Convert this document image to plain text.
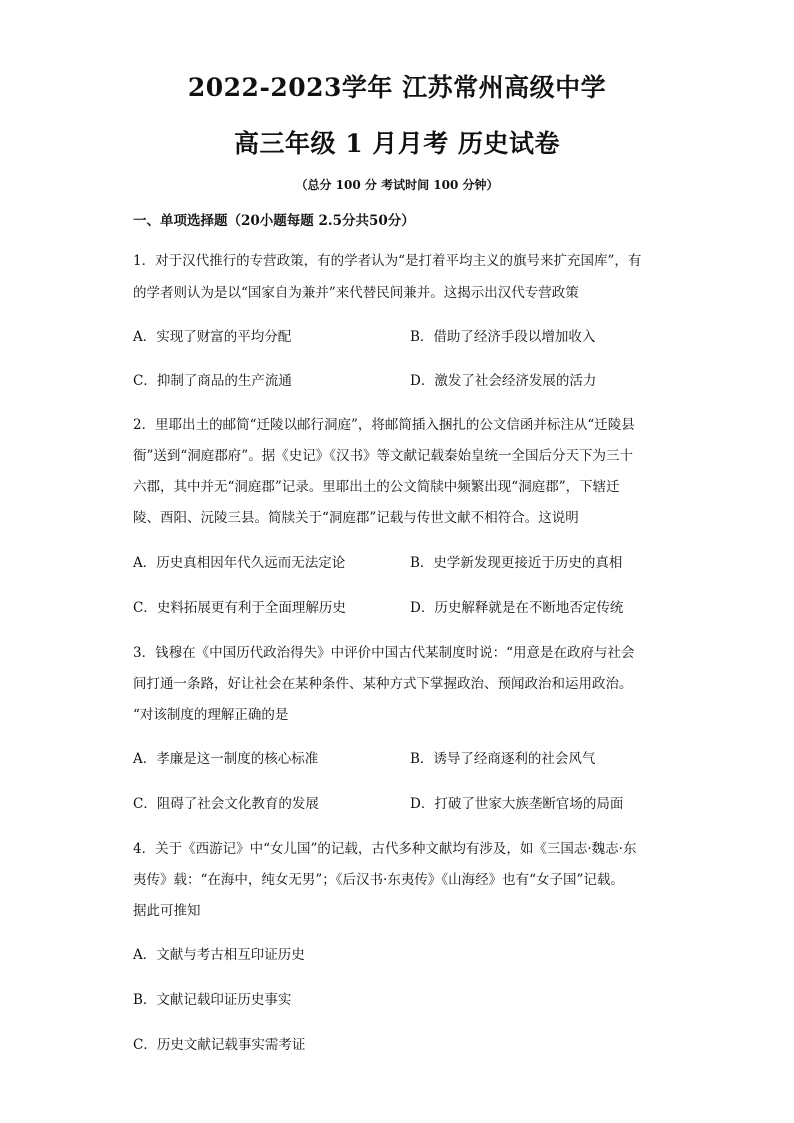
2022-2023学年 江苏常州高级中学
高三年级 1 月月考 历史试卷
（总分 100 分 考试时间 100 分钟）
一、单项选择题（20小题每题 2.5分共50分）
1．对于汉代推行的专营政策，有的学者认为“是打着平均主义的旗号来扩充国库”，有
的学者则认为是以“国家自为兼并”来代替民间兼并。这揭示出汉代专营政策
A．实现了财富的平均分配	B．借助了经济手段以增加收入
C．抑制了商品的生产流通	D．激发了社会经济发展的活力
2．里耶出土的邮简“迁陵以邮行洞庭”，将邮简插入捆扎的公文信函并标注从“迁陵县
衙”送到“洞庭郡府”。据《史记》《汉书》等文献记载秦始皇统一全国后分天下为三十
六郡，其中并无“洞庭郡”记录。里耶出土的公文简牍中频繁出现“洞庭郡”，下辖迁
陵、酉阳、沅陵三县。简牍关于“洞庭郡”记载与传世文献不相符合。这说明
A．历史真相因年代久远而无法定论	B．史学新发现更接近于历史的真相
C．史料拓展更有利于全面理解历史	D．历史解释就是在不断地否定传统
3．钱穆在《中国历代政治得失》中评价中国古代某制度时说：“用意是在政府与社会
间打通一条路，好让社会在某种条件、某种方式下掌握政治、预闻政治和运用政治。
“对该制度的理解正确的是
A．孝廉是这一制度的核心标准	B．诱导了经商逐利的社会风气
C．阻碍了社会文化教育的发展	D．打破了世家大族垄断官场的局面
4．关于《西游记》中“女儿国”的记载，古代多种文献均有涉及，如《三国志·魏志·东
夷传》载：“在海中，纯女无男”；《后汉书·东夷传》《山海经》也有“女子国”记载。
据此可推知
A．文献与考古相互印证历史
B．文献记载印证历史事实
C．历史文献记载事实需考证
